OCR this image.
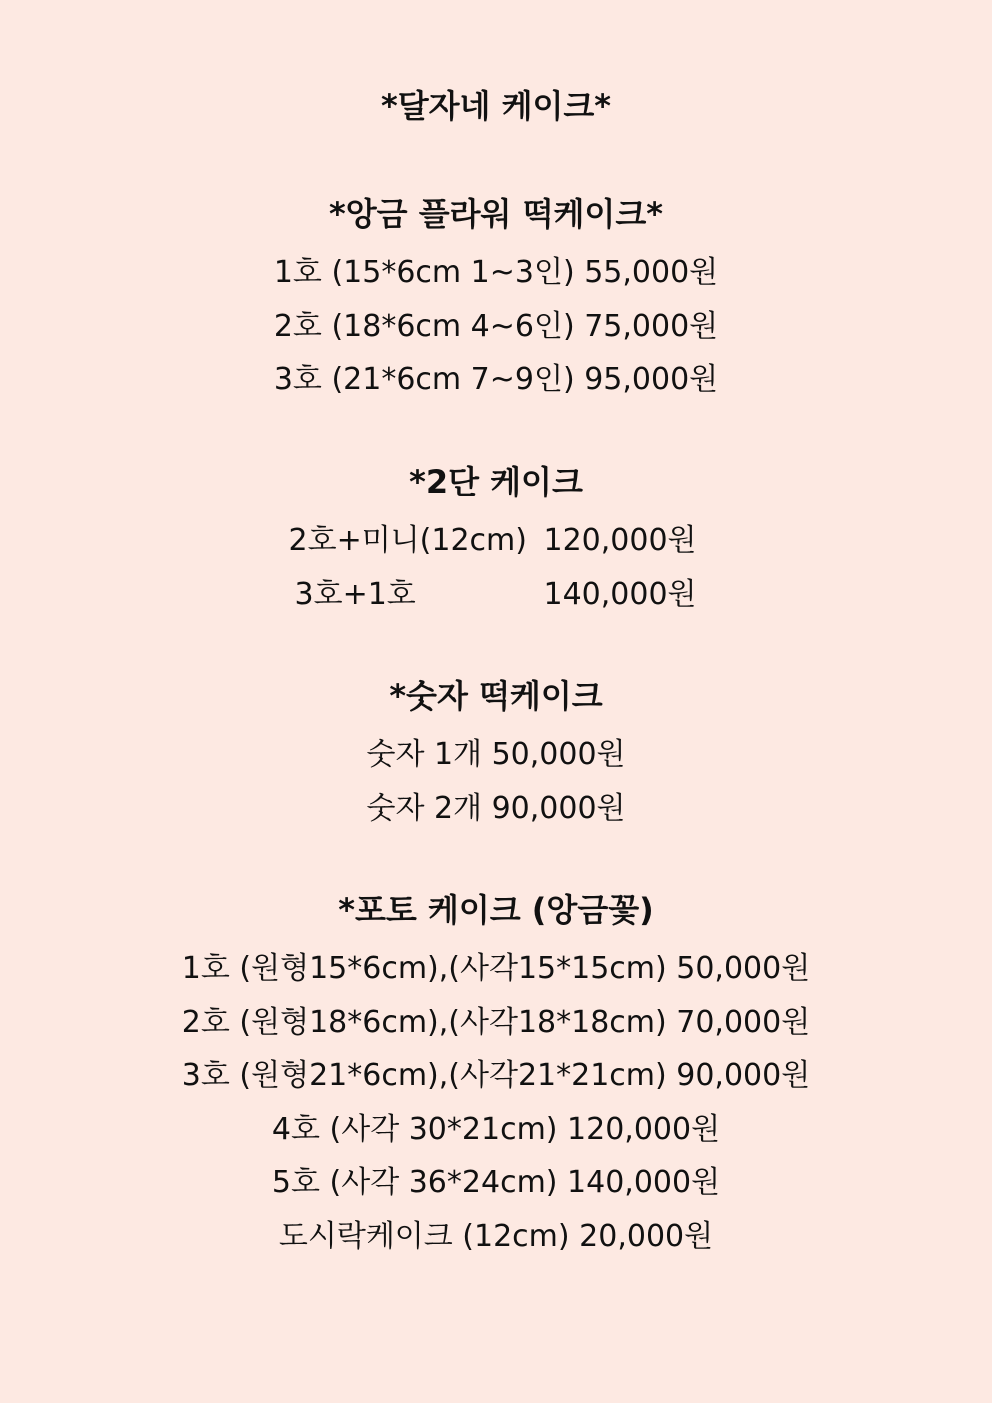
*달자네 케이크*
*앙금 플라워 떡케이크*
1호 (15*6cm 1~3인) 55,000원
2호 (18*6cm 4~6인) 75,000원
3호 (21*6cm 7~9인) 95,000원
*2단 케이크
2호+미니(12cm) 120,000원
3호+1호	140,000원
*숫자 떡케이크
숫자 1개 50,000원
숫자 2개 90,000원
*포토 케이크 (앙금꽃)
1호 (원형15*6cm),(사각15*15cm) 50,000원
2호 (원형18*6cm),(사각18*18cm) 70,000원
3호 (원형21*6cm),(사각21*21cm) 90,000원
4호 (사각 30*21cm) 120,000원
5호 (사각 36*24cm) 140,000원
도시락케이크 (12cm) 20,000원
